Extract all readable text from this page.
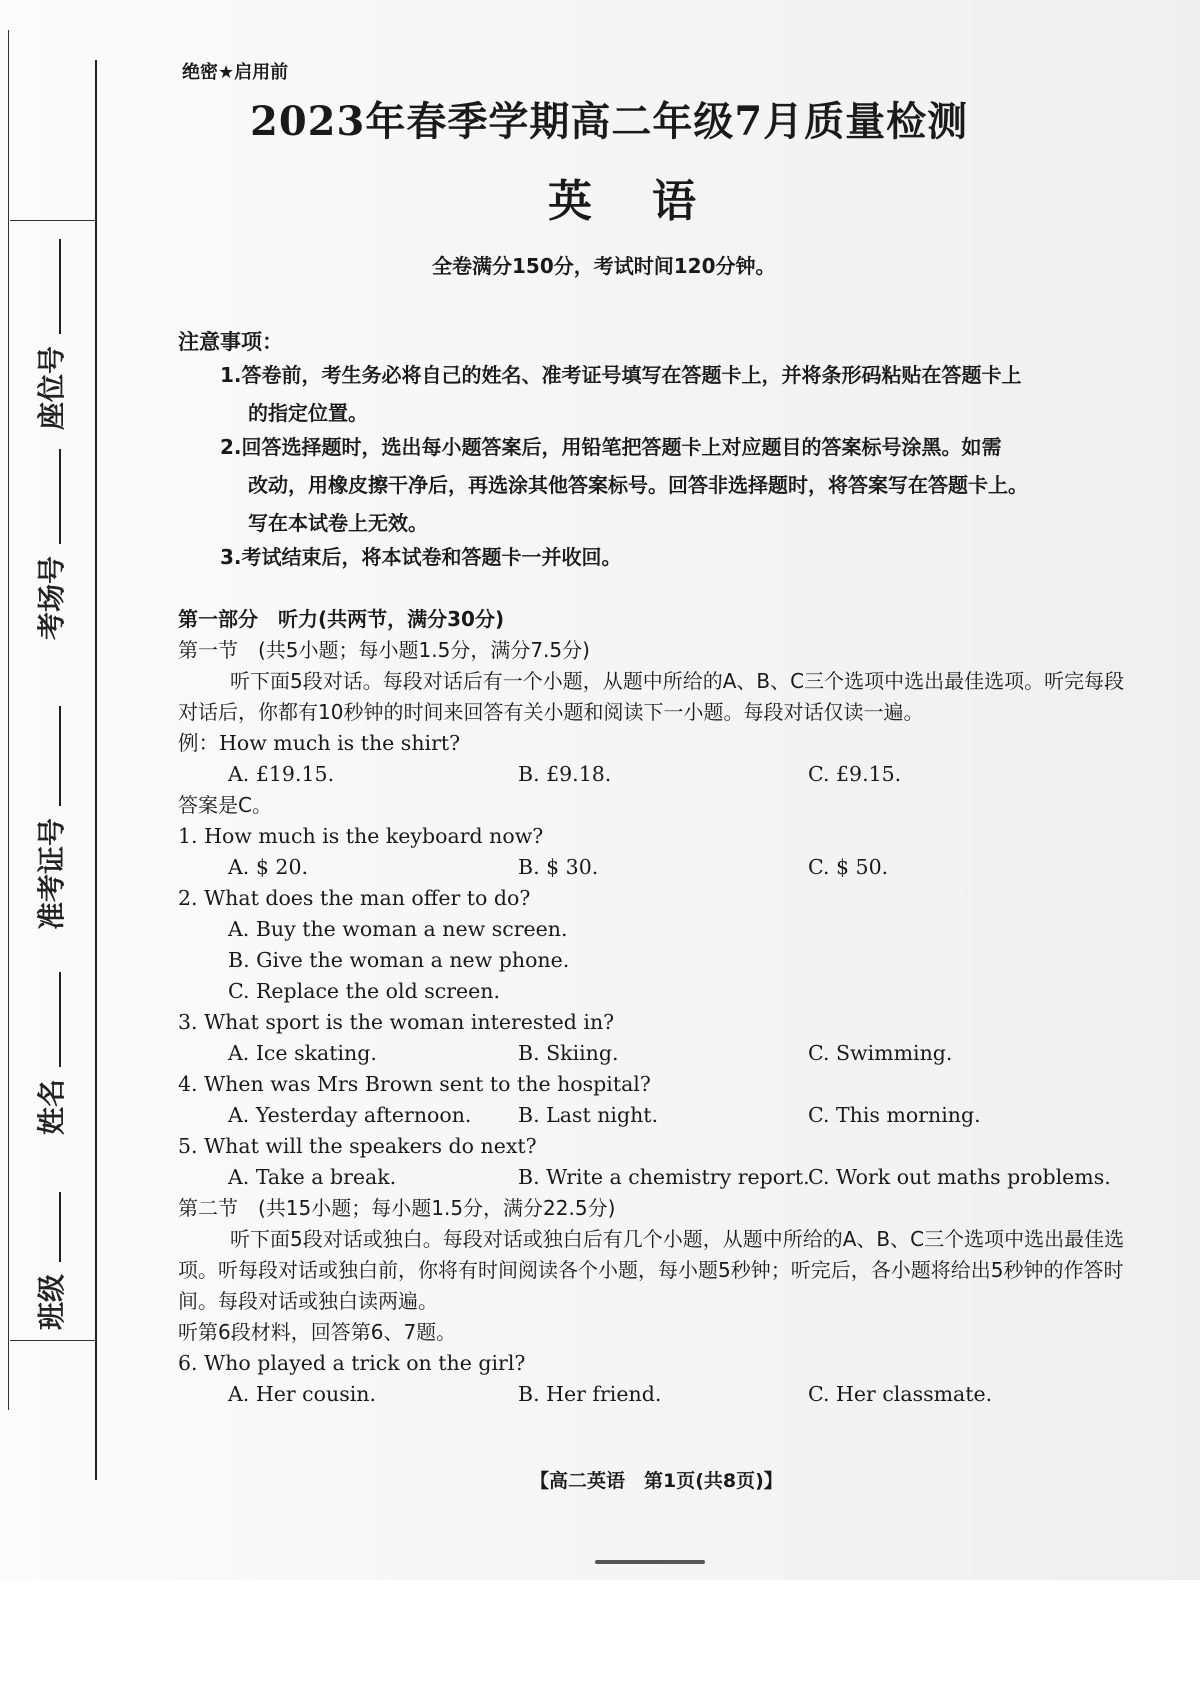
座位号
考场号
准考证号
姓名
班级
绝密★启用前
2023年春季学期高二年级7月质量检测
英语
全卷满分150分，考试时间120分钟。
注意事项：
1.答卷前，考生务必将自己的姓名、准考证号填写在答题卡上，并将条形码粘贴在答题卡上
的指定位置。
2.回答选择题时，选出每小题答案后，用铅笔把答题卡上对应题目的答案标号涂黑。如需
改动，用橡皮擦干净后，再选涂其他答案标号。回答非选择题时，将答案写在答题卡上。
写在本试卷上无效。
3.考试结束后，将本试卷和答题卡一并收回。
第一部分　听力(共两节，满分30分)
第一节　(共5小题；每小题1.5分，满分7.5分)
听下面5段对话。每段对话后有一个小题，从题中所给的A、B、C三个选项中选出最佳选项。听完每段对话后，你都有10秒钟的时间来回答有关小题和阅读下一小题。每段对话仅读一遍。
例：How much is the shirt?
A. £19.15.	B. £9.18.	C. £9.15.
答案是C。
1. How much is the keyboard now?
A. $ 20.	B. $ 30.	C. $ 50.
2. What does the man offer to do?
A. Buy the woman a new screen.
B. Give the woman a new phone.
C. Replace the old screen.
3. What sport is the woman interested in?
A. Ice skating.	B. Skiing.	C. Swimming.
4. When was Mrs Brown sent to the hospital?
A. Yesterday afternoon. B. Last night.	C. This morning.
5. What will the speakers do next?
A. Take a break.	B. Write a chemistry report.
C. Work out maths problems.
第二节　(共15小题；每小题1.5分，满分22.5分)
听下面5段对话或独白。每段对话或独白后有几个小题，从题中所给的A、B、C三个选项中选出最佳选项。听每段对话或独白前，你将有时间阅读各个小题，每小题5秒钟；听完后，各小题将给出5秒钟的作答时间。每段对话或独白读两遍。
听第6段材料，回答第6、7题。
6. Who played a trick on the girl?
A. Her cousin.	B. Her friend.	C. Her classmate.
【高二英语　第1页(共8页)】
